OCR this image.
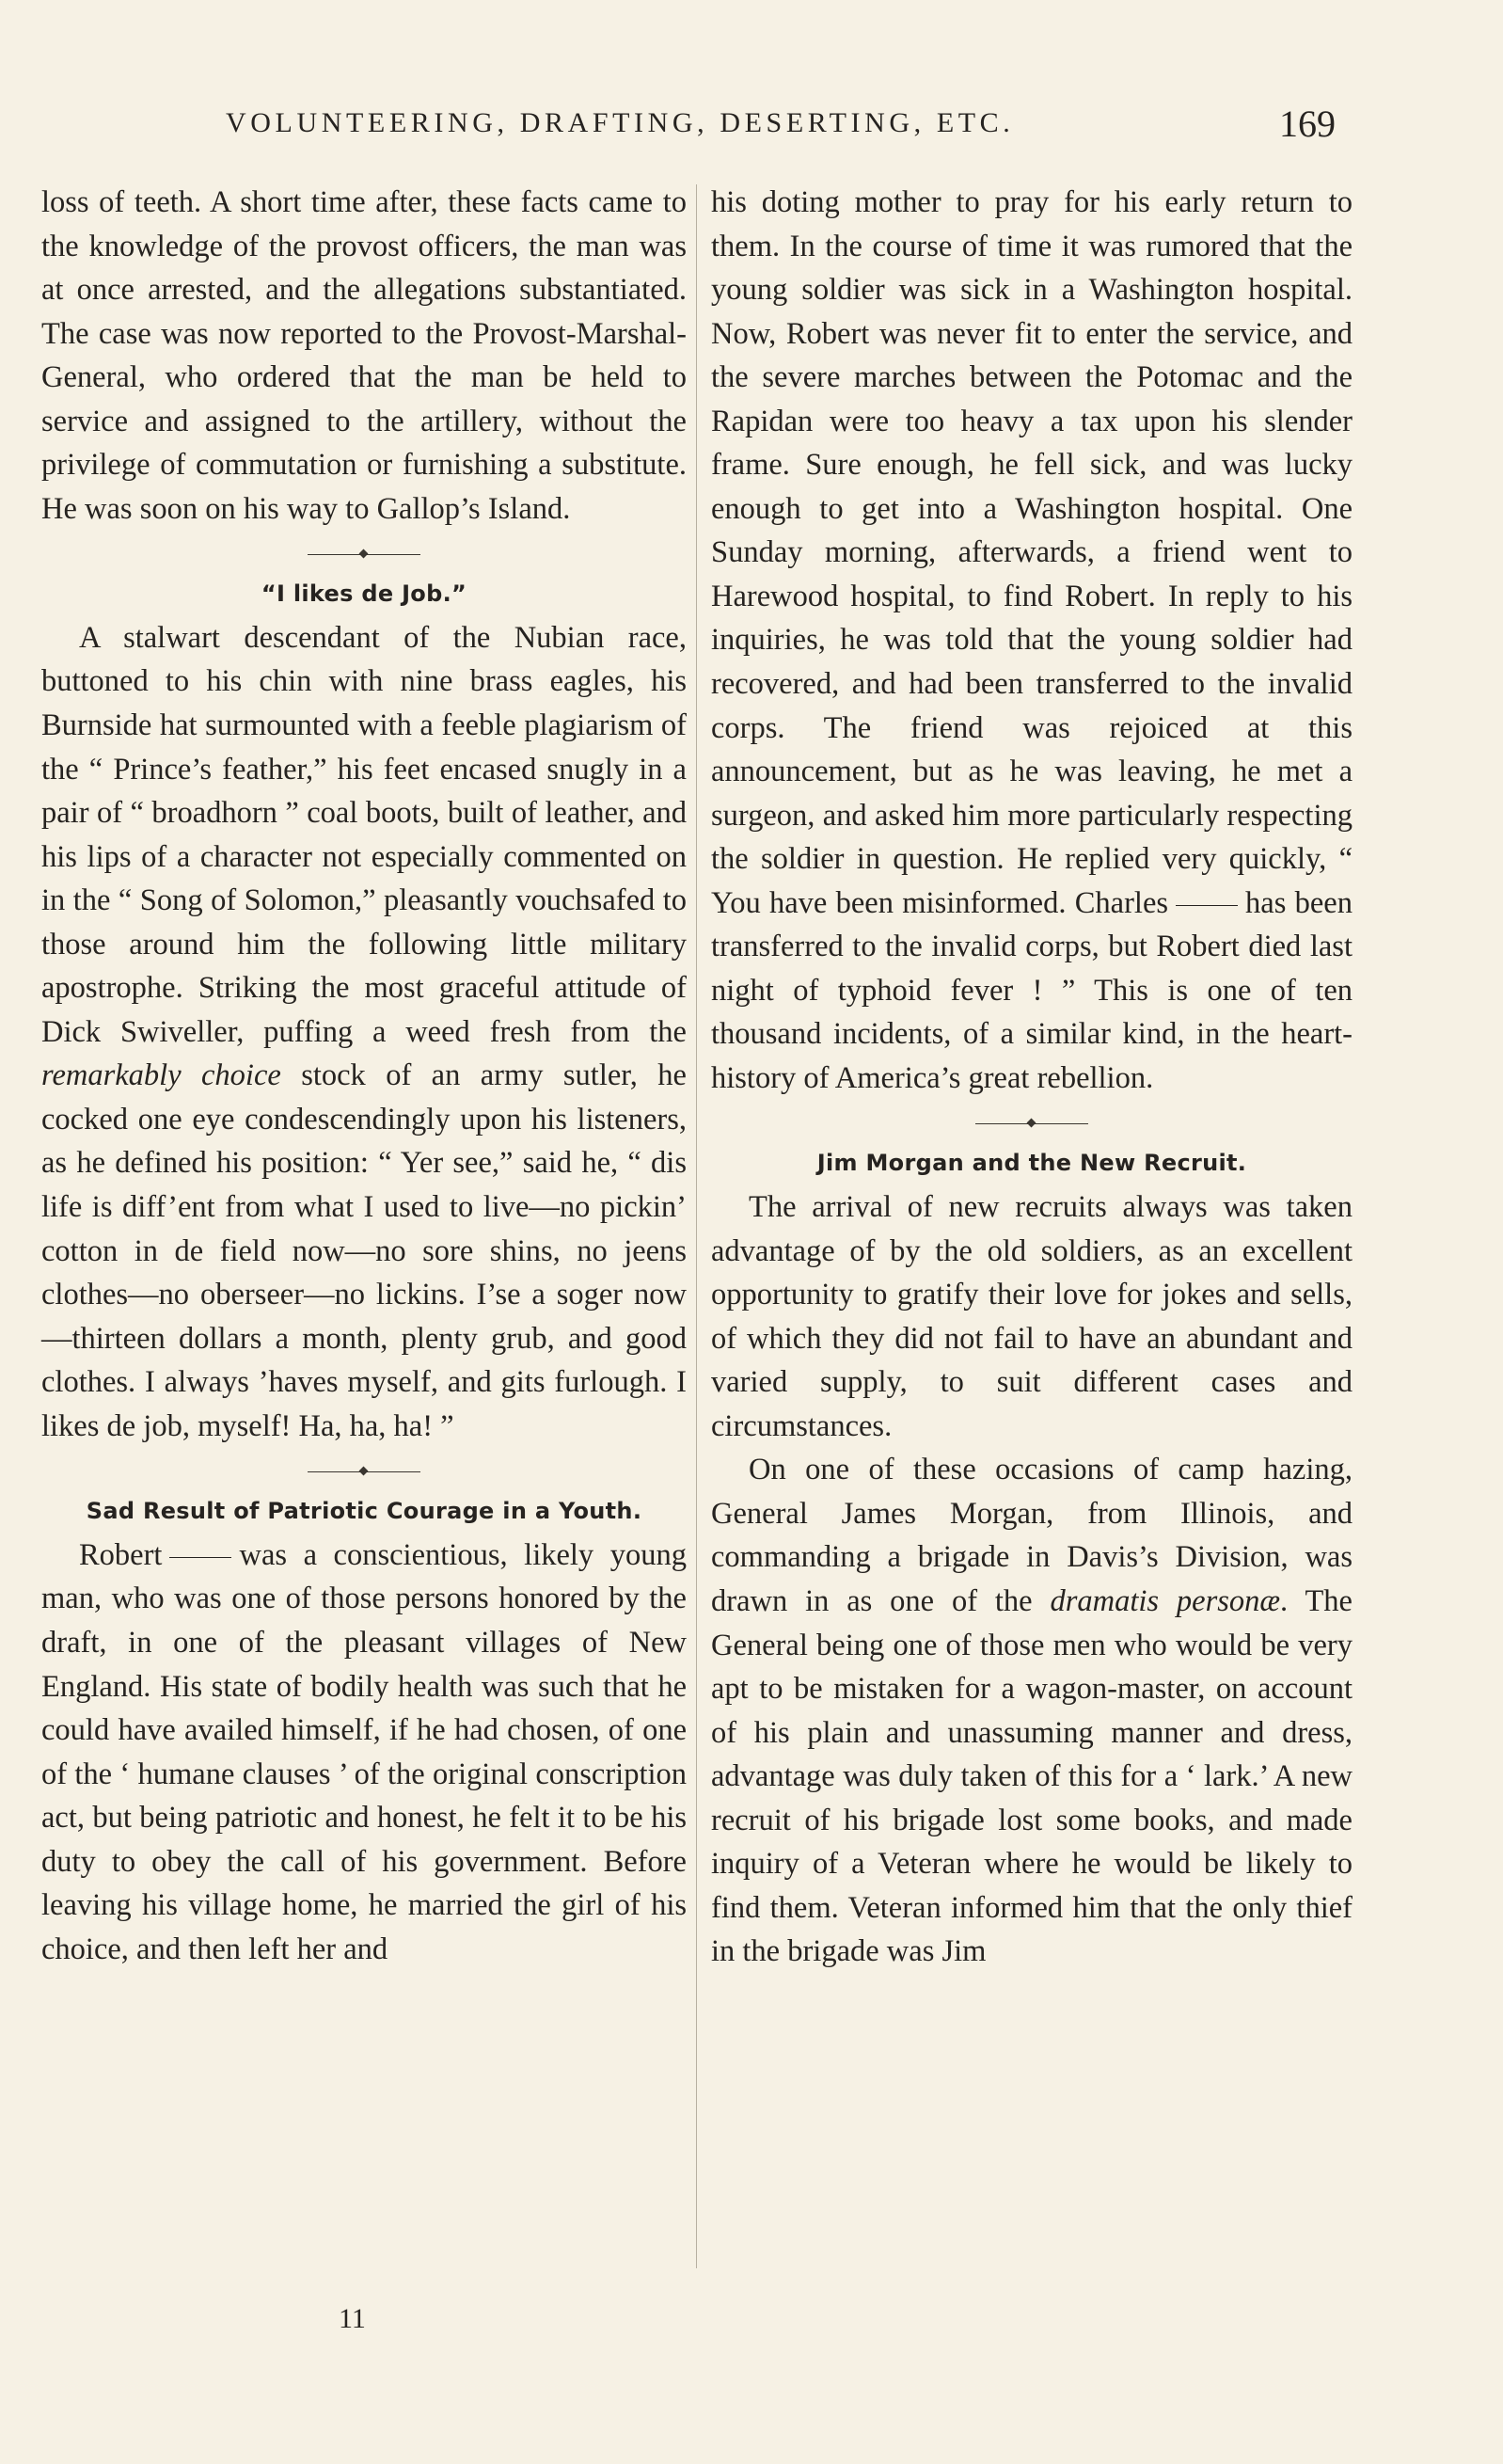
VOLUNTEERING, DRAFTING, DESERTING, ETC.	169

loss of teeth. A short time after, these facts came to the knowledge of the provost officers, the man was at once arrested, and the allegations substantiated. The case was now reported to the Provost-Marshal-General, who ordered that the man be held to service and assigned to the artillery, without the privilege of commutation or furnishing a substitute. He was soon on his way to Gallop’s Island.

“I likes de Job.”

A stalwart descendant of the Nubian race, buttoned to his chin with nine brass eagles, his Burnside hat surmounted with a feeble plagiarism of the “ Prince’s feather,” his feet encased snugly in a pair of “ broadhorn ” coal boots, built of leather, and his lips of a character not especially commented on in the “ Song of Solomon,” pleasantly vouchsafed to those around him the following little military apostrophe. Striking the most graceful attitude of Dick Swiveller, puffing a weed fresh from the remarkably choice stock of an army sutler, he cocked one eye condescendingly upon his listeners, as he defined his position: “ Yer see,” said he, “ dis life is diff’ent from what I used to live—no pickin’ cotton in de field now—no sore shins, no jeens clothes—no oberseer—no lickins. I’se a soger now—thirteen dollars a month, plenty grub, and good clothes. I always ’haves myself, and gits furlough. I likes de job, myself! Ha, ha, ha! ”

Sad Result of Patriotic Courage in a Youth.

Robert	was a conscientious, likely young man, who was one of those persons honored by the draft, in one of the pleasant villages of New England. His state of bodily health was such that he could have availed himself, if he had chosen, of one of the ‘ humane clauses ’ of the original conscription act, but being patriotic and honest, he felt it to be his duty to obey the call of his government. Before leaving his village home, he married the girl of his choice, and then left her and

his doting mother to pray for his early return to them. In the course of time it was rumored that the young soldier was sick in a Washington hospital. Now, Robert was never fit to enter the service, and the severe marches between the Potomac and the Rapidan were too heavy a tax upon his slender frame. Sure enough, he fell sick, and was lucky enough to get into a Washington hospital. One Sunday morning, afterwards, a friend went to Harewood hospital, to find Robert. In reply to his inquiries, he was told that the young soldier had recovered, and had been transferred to the invalid corps. The friend was rejoiced at this announcement, but as he was leaving, he met a surgeon, and asked him more particularly respecting the soldier in question. He replied very quickly, “ You have been misinformed. Charles	has been transferred to the invalid corps, but Robert died last night of typhoid fever ! ” This is one of ten thousand incidents, of a similar kind, in the heart-history of America’s great rebellion.

Jim Morgan and the New Recruit.

The arrival of new recruits always was taken advantage of by the old soldiers, as an excellent opportunity to gratify their love for jokes and sells, of which they did not fail to have an abundant and varied supply, to suit different cases and circumstances.

On one of these occasions of camp hazing, General James Morgan, from Illinois, and commanding a brigade in Davis’s Division, was drawn in as one of the dramatis personæ. The General being one of those men who would be very apt to be mistaken for a wagon-master, on account of his plain and unassuming manner and dress, advantage was duly taken of this for a ‘ lark.’ A new recruit of his brigade lost some books, and made inquiry of a Veteran where he would be likely to find them. Veteran informed him that the only thief in the brigade was Jim

11
